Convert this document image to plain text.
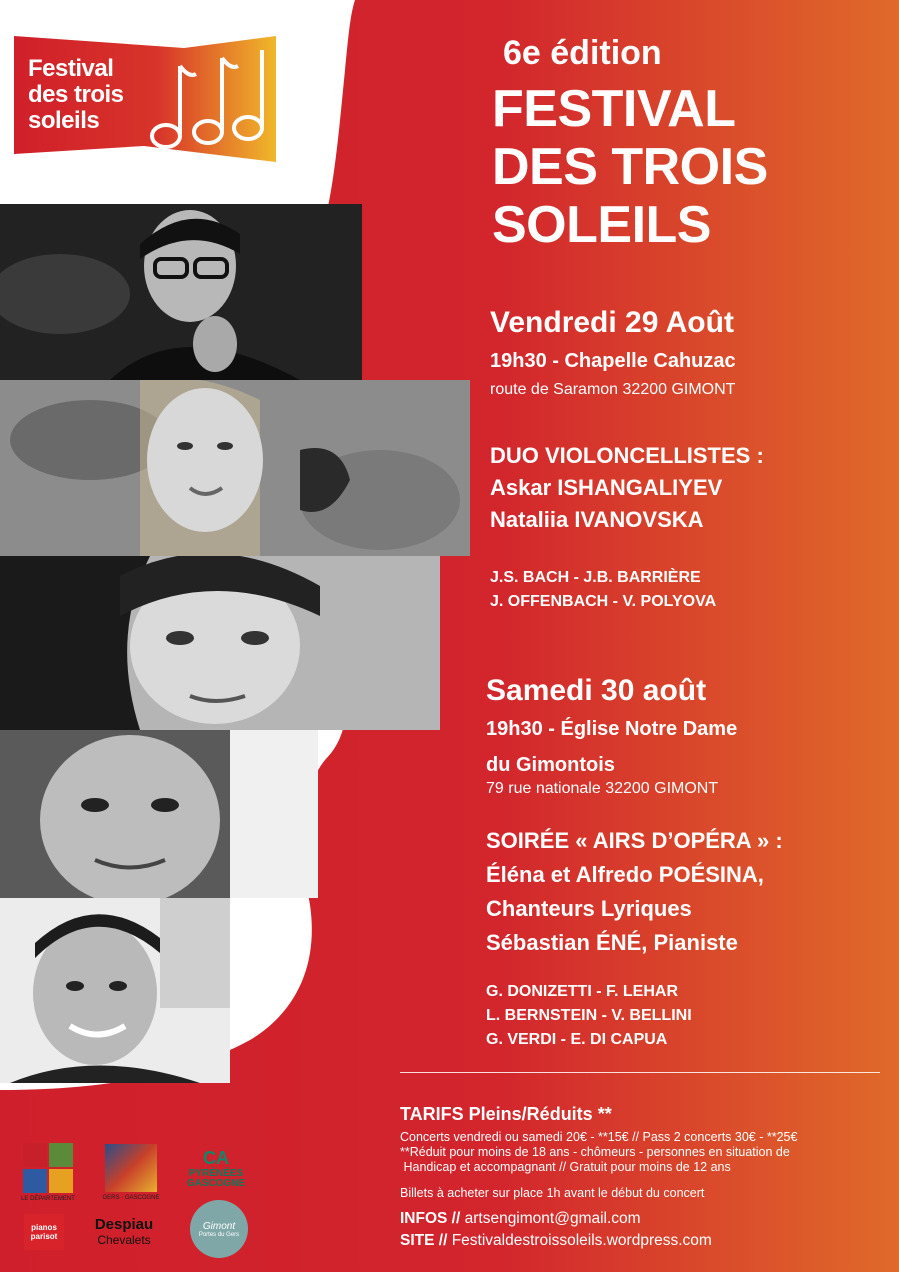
Festival
des trois
soleils
6e édition
FESTIVAL
DES TROIS
SOLEILS
Vendredi 29 Août
19h30 - Chapelle Cahuzac
route de Saramon 32200 GIMONT
DUO VIOLONCELLISTES :
Askar ISHANGALIYEV
Nataliia IVANOVSKA
J.S. BACH - J.B. BARRIÈRE
J. OFFENBACH - V. POLYOVA
Samedi 30 août
19h30 - Église Notre Dame
du Gimontois
79 rue nationale 32200 GIMONT
SOIRÉE « AIRS D’OPÉRA » :
Éléna et Alfredo POÉSINA,
Chanteurs Lyriques
Sébastian ÉNÉ, Pianiste
G. DONIZETTI - F. LEHAR
L. BERNSTEIN - V. BELLINI
G. VERDI - E. DI CAPUA
TARIFS Pleins/Réduits **
Concerts vendredi ou samedi 20€ - **15€ // Pass 2 concerts 30€ - **25€
**Réduit pour moins de 18 ans - chômeurs - personnes en situation de
Handicap et accompagnant // Gratuit pour moins de 12 ans
Billets à acheter sur place 1h avant le début du concert
INFOS // artsengimont@gmail.com
SITE // Festivaldestroissoleils.wordpress.com
LE DÉPARTEMENT	GERS · GASCOGNE
CA
PYRÉNÉES
GASCOGNE
pianos
parisot
Despiau
Chevalets
Gimont
Portes du Gers
